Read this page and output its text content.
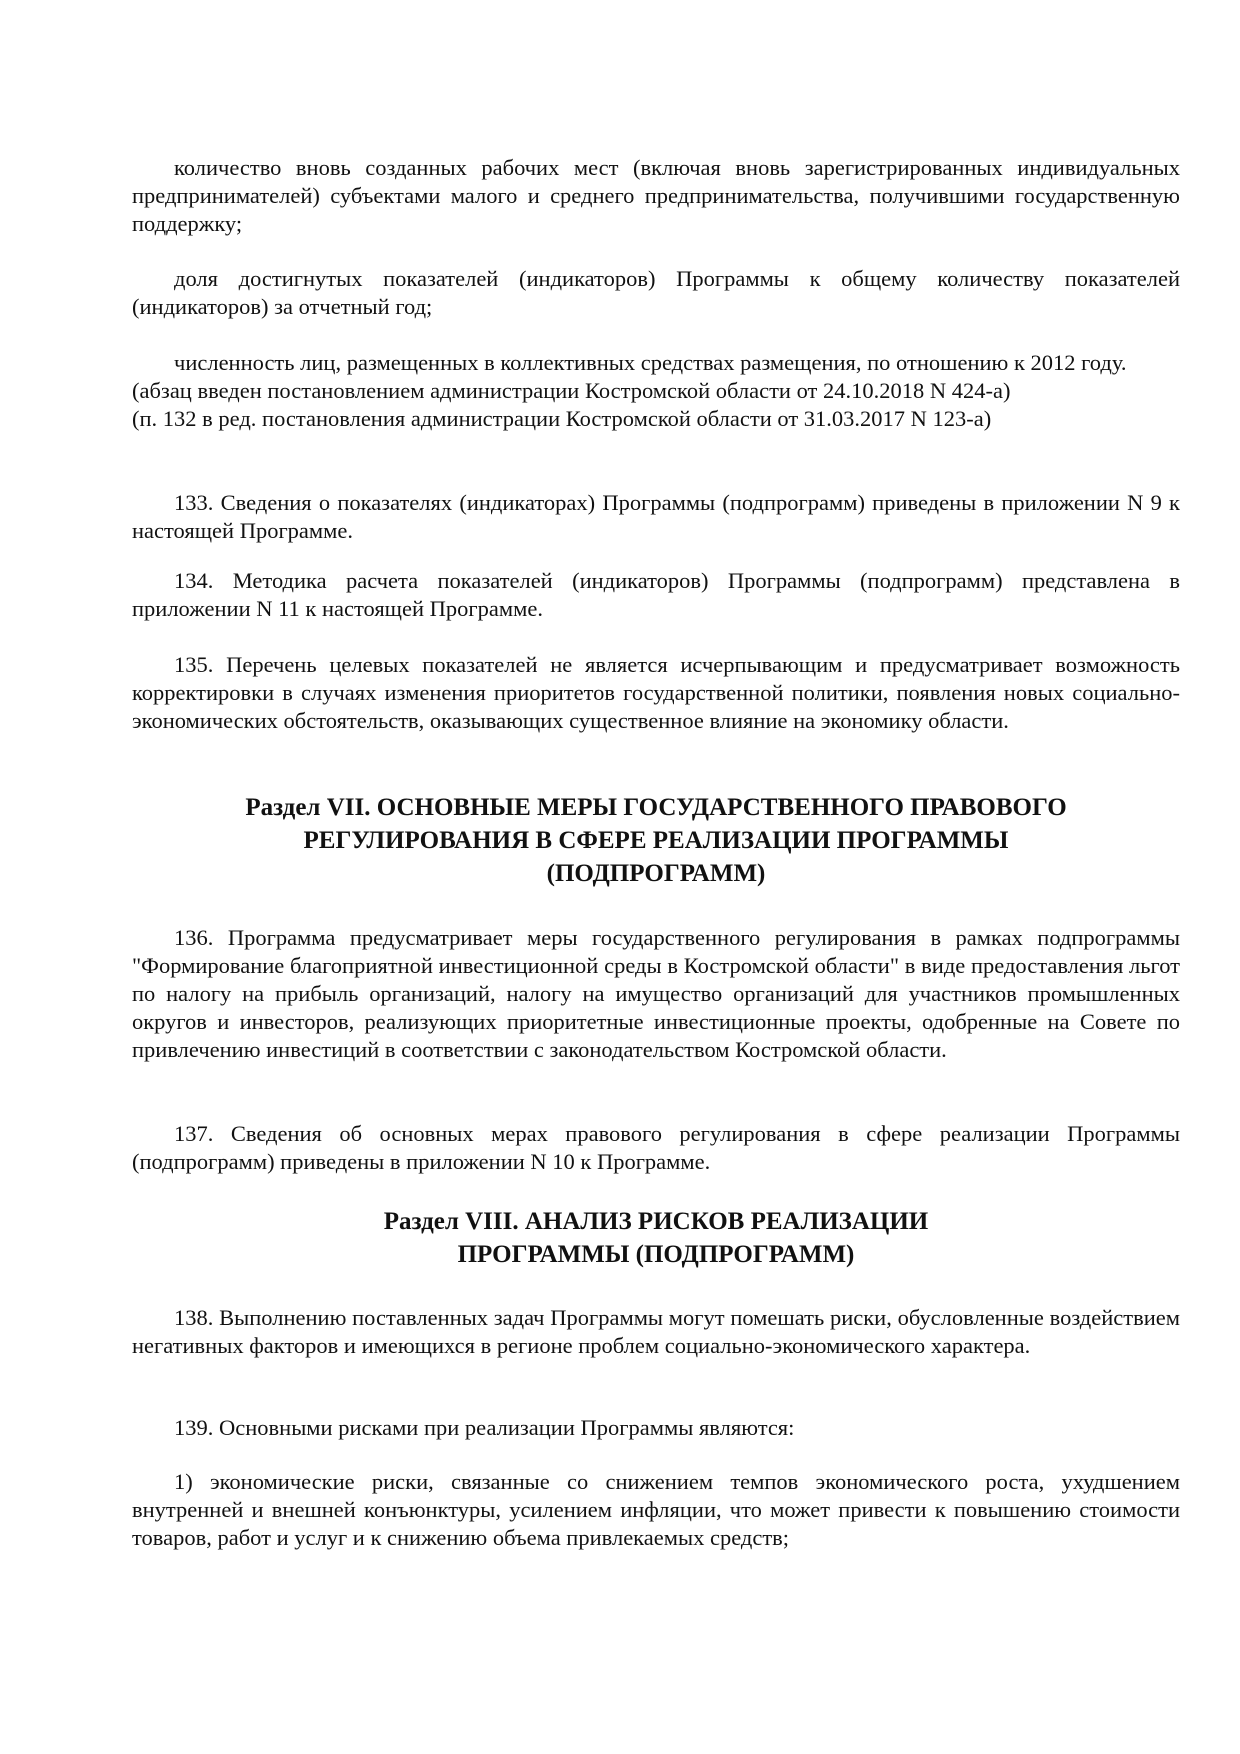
количество вновь созданных рабочих мест (включая вновь зарегистрированных индивидуальных предпринимателей) субъектами малого и среднего предпринимательства, получившими государственную поддержку;

доля достигнутых показателей (индикаторов) Программы к общему количеству показателей (индикаторов) за отчетный год;

численность лиц, размещенных в коллективных средствах размещения, по отношению к 2012 году.

(абзац введен постановлением администрации Костромской области от 24.10.2018 N 424-а)

(п. 132 в ред. постановления администрации Костромской области от 31.03.2017 N 123-а)

133. Сведения о показателях (индикаторах) Программы (подпрограмм) приведены в приложении N 9 к настоящей Программе.

134. Методика расчета показателей (индикаторов) Программы (подпрограмм) представлена в приложении N 11 к настоящей Программе.

135. Перечень целевых показателей не является исчерпывающим и предусматривает возможность корректировки в случаях изменения приоритетов государственной политики, появления новых социально-экономических обстоятельств, оказывающих существенное влияние на экономику области.

Раздел VII. ОСНОВНЫЕ МЕРЫ ГОСУДАРСТВЕННОГО ПРАВОВОГО
РЕГУЛИРОВАНИЯ В СФЕРЕ РЕАЛИЗАЦИИ ПРОГРАММЫ
(ПОДПРОГРАММ)

136. Программа предусматривает меры государственного регулирования в рамках подпрограммы "Формирование благоприятной инвестиционной среды в Костромской области" в виде предоставления льгот по налогу на прибыль организаций, налогу на имущество организаций для участников промышленных округов и инвесторов, реализующих приоритетные инвестиционные проекты, одобренные на Совете по привлечению инвестиций в соответствии с законодательством Костромской области.

137. Сведения об основных мерах правового регулирования в сфере реализации Программы (подпрограмм) приведены в приложении N 10 к Программе.

Раздел VIII. АНАЛИЗ РИСКОВ РЕАЛИЗАЦИИ
ПРОГРАММЫ (ПОДПРОГРАММ)

138. Выполнению поставленных задач Программы могут помешать риски, обусловленные воздействием негативных факторов и имеющихся в регионе проблем социально-экономического характера.

139. Основными рисками при реализации Программы являются:

1) экономические риски, связанные со снижением темпов экономического роста, ухудшением внутренней и внешней конъюнктуры, усилением инфляции, что может привести к повышению стоимости товаров, работ и услуг и к снижению объема привлекаемых средств;
